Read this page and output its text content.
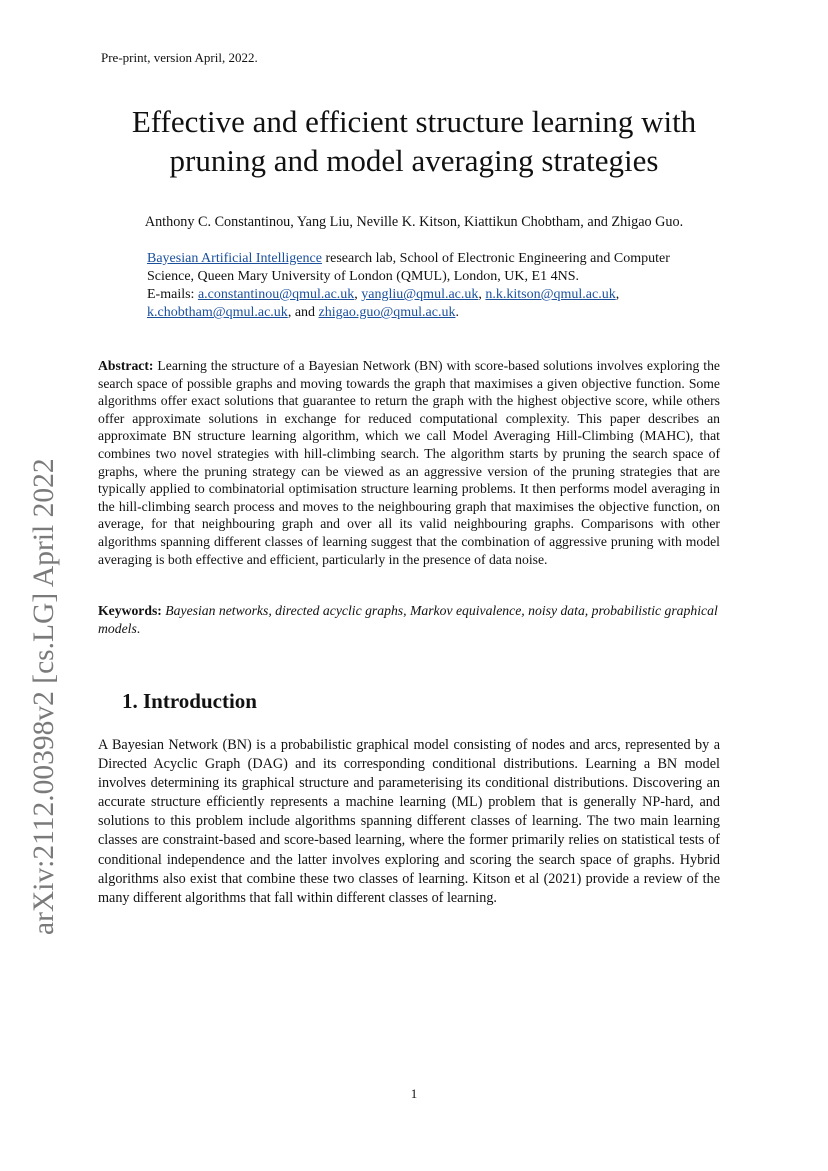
Pre-print, version April, 2022.
Effective and efficient structure learning with
pruning and model averaging strategies
Anthony C. Constantinou, Yang Liu, Neville K. Kitson, Kiattikun Chobtham, and Zhigao Guo.
Bayesian Artificial Intelligence research lab, School of Electronic Engineering and Computer
Science, Queen Mary University of London (QMUL), London, UK, E1 4NS.
E-mails: a.constantinou@qmul.ac.uk, yangliu@qmul.ac.uk, n.k.kitson@qmul.ac.uk,
k.chobtham@qmul.ac.uk, and zhigao.guo@qmul.ac.uk.
Abstract: Learning the structure of a Bayesian Network (BN) with score-based solutions involves exploring the search space of possible graphs and moving towards the graph that maximises a given objective function. Some algorithms offer exact solutions that guarantee to return the graph with the highest objective score, while others offer approximate solutions in exchange for reduced computational complexity. This paper describes an approximate BN structure learning algorithm, which we call Model Averaging Hill-Climbing (MAHC), that combines two novel strategies with hill-climbing search. The algorithm starts by pruning the search space of graphs, where the pruning strategy can be viewed as an aggressive version of the pruning strategies that are typically applied to combinatorial optimisation structure learning problems. It then performs model averaging in the hill-climbing search process and moves to the neighbouring graph that maximises the objective function, on average, for that neighbouring graph and over all its valid neighbouring graphs. Comparisons with other algorithms spanning different classes of learning suggest that the combination of aggressive pruning with model averaging is both effective and efficient, particularly in the presence of data noise.
Keywords: Bayesian networks, directed acyclic graphs, Markov equivalence, noisy data, probabilistic graphical models.
1. Introduction
A Bayesian Network (BN) is a probabilistic graphical model consisting of nodes and arcs, represented by a Directed Acyclic Graph (DAG) and its corresponding conditional distributions. Learning a BN model involves determining its graphical structure and parameterising its conditional distributions. Discovering an accurate structure efficiently represents a machine learning (ML) problem that is generally NP-hard, and solutions to this problem include algorithms spanning different classes of learning. The two main learning classes are constraint-based and score-based learning, where the former primarily relies on statistical tests of conditional independence and the latter involves exploring and scoring the search space of graphs. Hybrid algorithms also exist that combine these two classes of learning. Kitson et al (2021) provide a review of the many different algorithms that fall within different classes of learning.
arXiv:2112.00398v2 [cs.LG] April 2022
1
